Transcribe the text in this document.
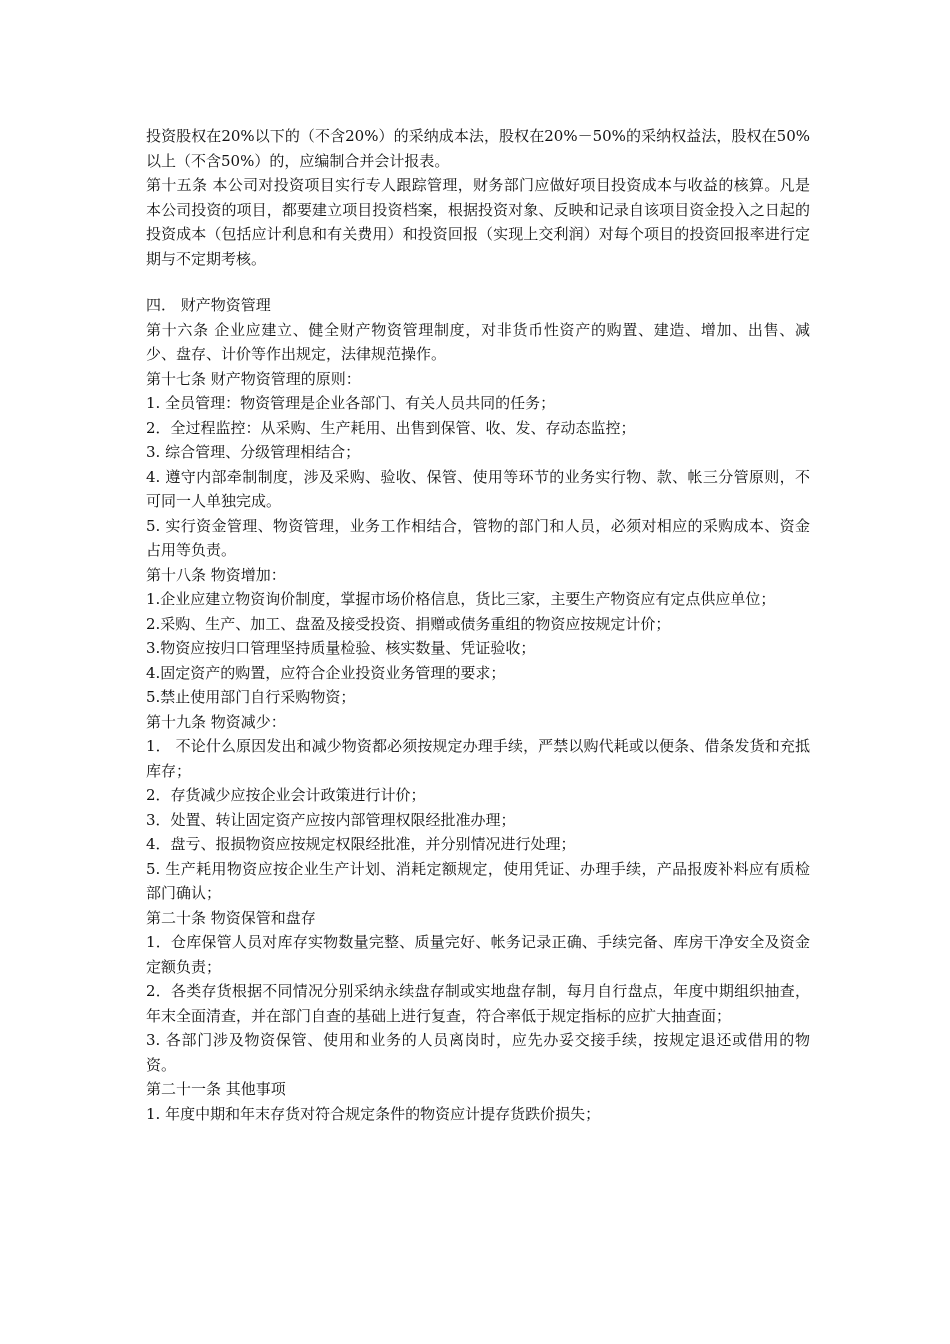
投资股权在20%以下的（不含20%）的采纳成本法，股权在20%－50%的采纳权益法，股权在50%以上（不含50%）的，应编制合并会计报表。

第十五条 本公司对投资项目实行专人跟踪管理，财务部门应做好项目投资成本与收益的核算。凡是本公司投资的项目，都要建立项目投资档案，根据投资对象、反映和记录自该项目资金投入之日起的投资成本（包括应计利息和有关费用）和投资回报（实现上交利润）对每个项目的投资回报率进行定期与不定期考核。

四． 财产物资管理

第十六条 企业应建立、健全财产物资管理制度，对非货币性资产的购置、建造、增加、出售、减少、盘存、计价等作出规定，法律规范操作。

第十七条 财产物资管理的原则：

1. 全员管理：物资管理是企业各部门、有关人员共同的任务；

2．全过程监控：从采购、生产耗用、出售到保管、收、发、存动态监控；

3. 综合管理、分级管理相结合；

4. 遵守内部牵制制度，涉及采购、验收、保管、使用等环节的业务实行物、款、帐三分管原则，不可同一人单独完成。

5. 实行资金管理、物资管理，业务工作相结合，管物的部门和人员，必须对相应的采购成本、资金占用等负责。

第十八条 物资增加：

1.企业应建立物资询价制度，掌握市场价格信息，货比三家，主要生产物资应有定点供应单位；

2.采购、生产、加工、盘盈及接受投资、捐赠或债务重组的物资应按规定计价；

3.物资应按归口管理坚持质量检验、核实数量、凭证验收；

4.固定资产的购置，应符合企业投资业务管理的要求；

5.禁止使用部门自行采购物资；

第十九条 物资减少：

1． 不论什么原因发出和减少物资都必须按规定办理手续，严禁以购代耗或以便条、借条发货和充抵库存；

2．存货减少应按企业会计政策进行计价；

3．处置、转让固定资产应按内部管理权限经批准办理；

4．盘亏、报损物资应按规定权限经批准，并分别情况进行处理；

5. 生产耗用物资应按企业生产计划、消耗定额规定，使用凭证、办理手续，产品报废补料应有质检部门确认；

第二十条 物资保管和盘存

1．仓库保管人员对库存实物数量完整、质量完好、帐务记录正确、手续完备、库房干净安全及资金定额负责；

2．各类存货根据不同情况分别采纳永续盘存制或实地盘存制，每月自行盘点，年度中期组织抽查，年末全面清查，并在部门自查的基础上进行复查，符合率低于规定指标的应扩大抽查面；

3. 各部门涉及物资保管、使用和业务的人员离岗时，应先办妥交接手续，按规定退还或借用的物资。

第二十一条 其他事项

1. 年度中期和年末存货对符合规定条件的物资应计提存货跌价损失；
